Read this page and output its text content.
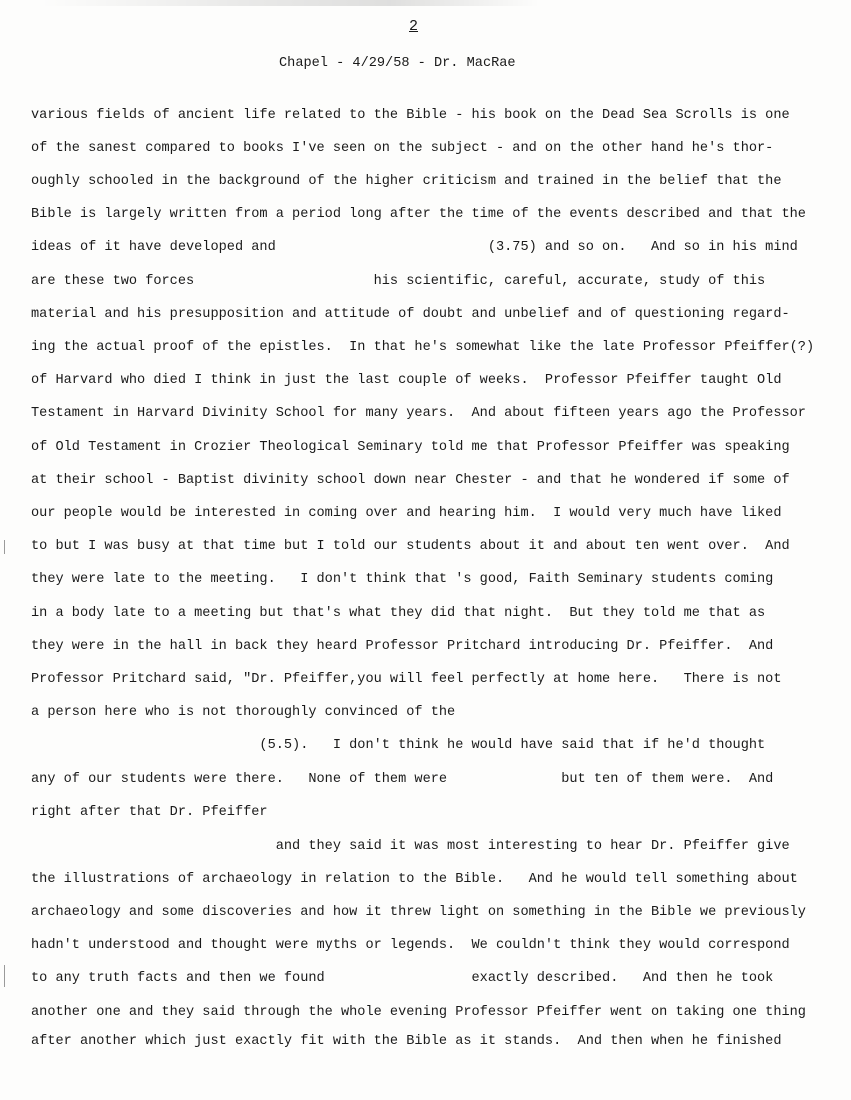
2
Chapel - 4/29/58 - Dr. MacRae
various fields of ancient life related to the Bible - his book on the Dead Sea Scrolls is one
of the sanest compared to books I've seen on the subject - and on the other hand he's thor-
oughly schooled in the background of the higher criticism and trained in the belief that the
Bible is largely written from a period long after the time of the events described and that the
ideas of it have developed and                          (3.75) and so on.   And so in his mind
are these two forces                      his scientific, careful, accurate, study of this
material and his presupposition and attitude of doubt and unbelief and of questioning regard-
ing the actual proof of the epistles.  In that he's somewhat like the late Professor Pfeiffer(?)
of Harvard who died I think in just the last couple of weeks.  Professor Pfeiffer taught Old
Testament in Harvard Divinity School for many years.  And about fifteen years ago the Professor
of Old Testament in Crozier Theological Seminary told me that Professor Pfeiffer was speaking
at their school - Baptist divinity school down near Chester - and that he wondered if some of
our people would be interested in coming over and hearing him.  I would very much have liked
to but I was busy at that time but I told our students about it and about ten went over.  And
they were late to the meeting.   I don't think that 's good, Faith Seminary students coming
in a body late to a meeting but that's what they did that night.  But they told me that as
they were in the hall in back they heard Professor Pritchard introducing Dr. Pfeiffer.  And
Professor Pritchard said, "Dr. Pfeiffer,you will feel perfectly at home here.   There is not
a person here who is not thoroughly convinced of the
(5.5).   I don't think he would have said that if he'd thought
any of our students were there.   None of them were              but ten of them were.  And
right after that Dr. Pfeiffer
and they said it was most interesting to hear Dr. Pfeiffer give
the illustrations of archaeology in relation to the Bible.   And he would tell something about
archaeology and some discoveries and how it threw light on something in the Bible we previously
hadn't understood and thought were myths or legends.  We couldn't think they would correspond
to any truth facts and then we found                  exactly described.   And then he took
another one and they said through the whole evening Professor Pfeiffer went on taking one thing
after another which just exactly fit with the Bible as it stands.  And then when he finished
